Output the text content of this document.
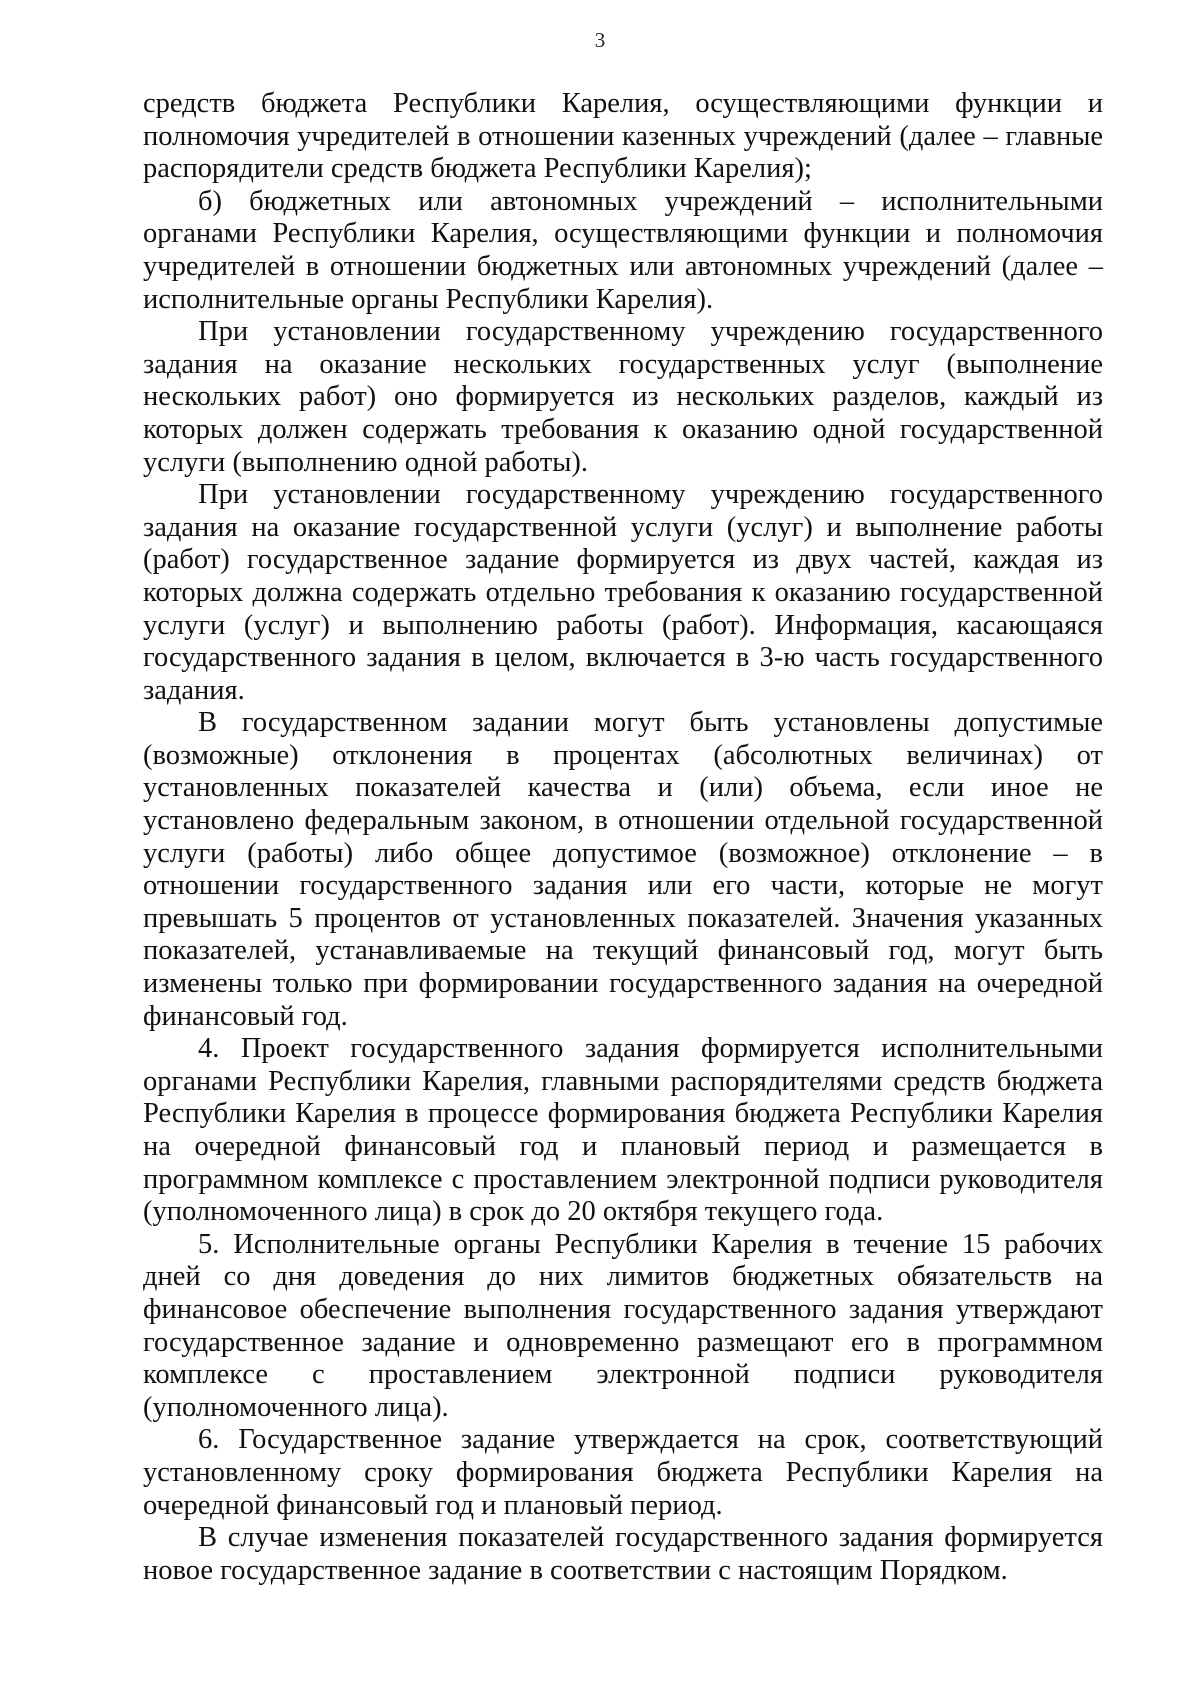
3

средств бюджета Республики Карелия, осуществляющими функции и полномочия учредителей в отношении казенных учреждений (далее – главные распорядители средств бюджета Республики Карелия);

б) бюджетных или автономных учреждений – исполнительными органами Республики Карелия, осуществляющими функции и полномочия учредителей в отношении бюджетных или автономных учреждений (далее – исполнительные органы Республики Карелия).

При установлении государственному учреждению государственного задания на оказание нескольких государственных услуг (выполнение нескольких работ) оно формируется из нескольких разделов, каждый из которых должен содержать требования к оказанию одной государственной услуги (выполнению одной работы).

При установлении государственному учреждению государственного задания на оказание государственной услуги (услуг) и выполнение работы (работ) государственное задание формируется из двух частей, каждая из которых должна содержать отдельно требования к оказанию государственной услуги (услуг) и выполнению работы (работ). Информация, касающаяся государственного задания в целом, включается в 3-ю часть государственного задания.

В государственном задании могут быть установлены допустимые (возможные) отклонения в процентах (абсолютных величинах) от установленных показателей качества и (или) объема, если иное не установлено федеральным законом, в отношении отдельной государственной услуги (работы) либо общее допустимое (возможное) отклонение – в отношении государственного задания или его части, которые не могут превышать 5 процентов от установленных показателей. Значения указанных показателей, устанавливаемые на текущий финансовый год, могут быть изменены только при формировании государственного задания на очередной финансовый год.

4. Проект государственного задания формируется исполнительными органами Республики Карелия, главными распорядителями средств бюджета Республики Карелия в процессе формирования бюджета Республики Карелия на очередной финансовый год и плановый период и размещается в программном комплексе с проставлением электронной подписи руководителя (уполномоченного лица) в срок до 20 октября текущего года.

5. Исполнительные органы Республики Карелия в течение 15 рабочих дней со дня доведения до них лимитов бюджетных обязательств на финансовое обеспечение выполнения государственного задания утверждают государственное задание и одновременно размещают его в программном комплексе с проставлением электронной подписи руководителя (уполномоченного лица).

6. Государственное задание утверждается на срок, соответствующий установленному сроку формирования бюджета Республики Карелия на очередной финансовый год и плановый период.

В случае изменения показателей государственного задания формируется новое государственное задание в соответствии с настоящим Порядком.
